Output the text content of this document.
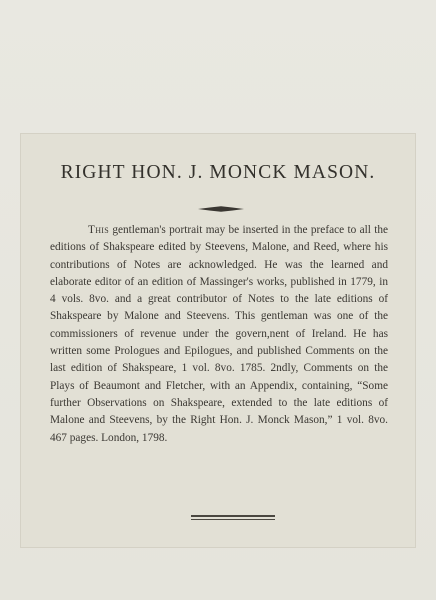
RIGHT HON. J. MONCK MASON.

This gentleman's portrait may be inserted in the preface to all the editions of Shakspeare edited by Steevens, Malone, and Reed, where his contributions of Notes are acknowledged. He was the learned and elaborate editor of an edition of Massinger's works, published in 1779, in 4 vols. 8vo. and a great contributor of Notes to the late editions of Shakspeare by Malone and Steevens. This gentleman was one of the commissioners of revenue under the govern,nent of Ireland. He has written some Prologues and Epilogues, and published Comments on the last edition of Shakspeare, 1 vol. 8vo. 1785. 2ndly, Comments on the Plays of Beaumont and Fletcher, with an Appendix, containing, “Some further Observations on Shakspeare, extended to the late editions of Malone and Steevens, by the Right Hon. J. Monck Mason,” 1 vol. 8vo. 467 pages. London, 1798.
